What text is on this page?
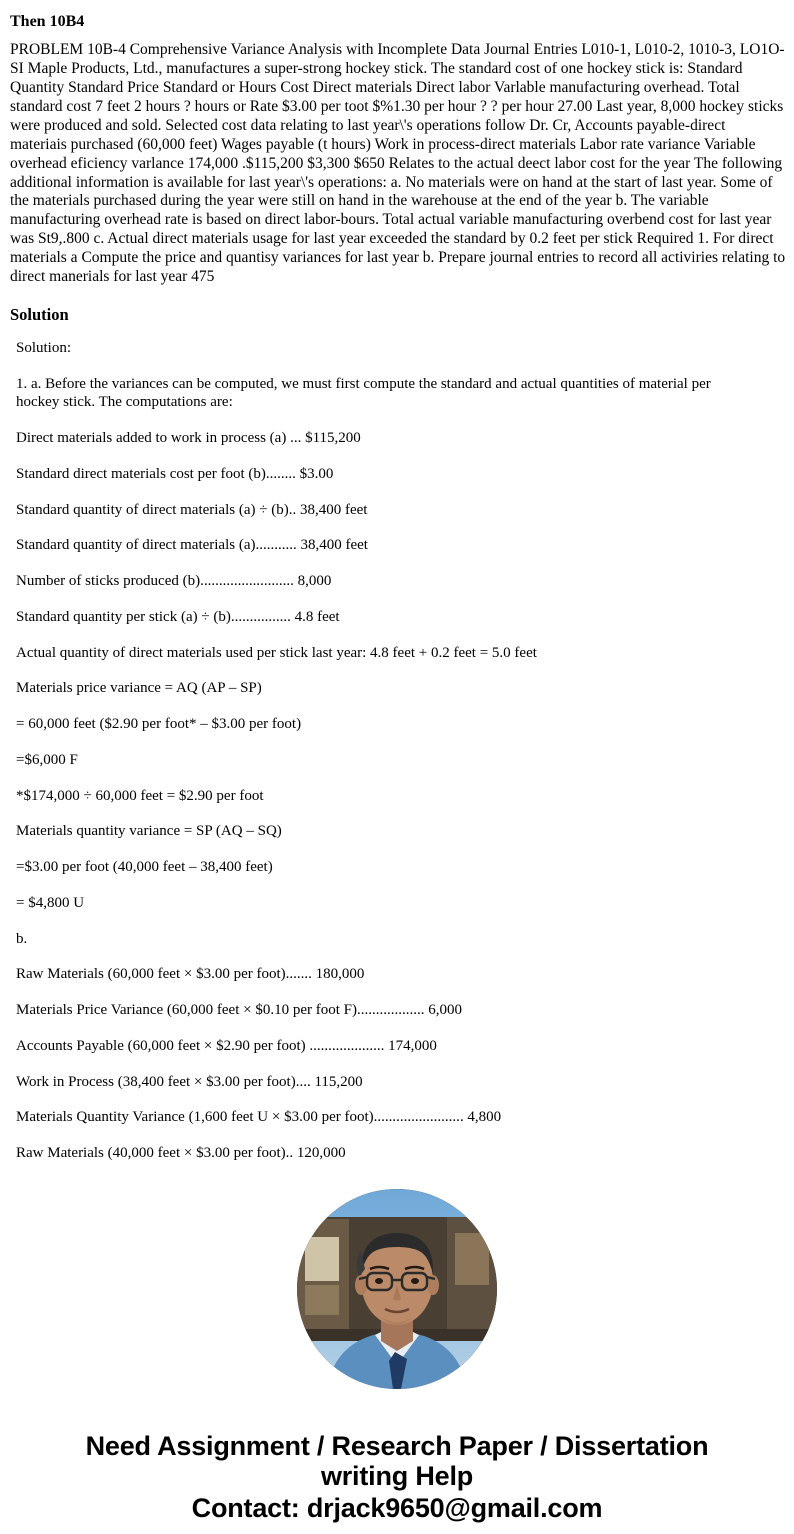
Then 10B4
PROBLEM 10B-4 Comprehensive Variance Analysis with Incomplete Data Journal Entries L010-1, L010-2, 1010-3, LO1O-SI Maple Products, Ltd., manufactures a super-strong hockey stick. The standard cost of one hockey stick is: Standard Quantity Standard Price Standard or Hours Cost Direct materials Direct labor Varlable manufacturing overhead. Total standard cost 7 feet 2 hours ? hours or Rate $3.00 per toot $%1.30 per hour ? ? per hour 27.00 Last year, 8,000 hockey sticks were produced and sold. Selected cost data relating to last year\'s operations follow Dr. Cr, Accounts payable-direct materiais purchased (60,000 feet) Wages payable (t hours) Work in process-direct materials Labor rate variance Variable overhead eficiency varlance 174,000 .$115,200 $3,300 $650 Relates to the actual deect labor cost for the year The following additional information is available for last year\'s operations: a. No materials were on hand at the start of last year. Some of the materials purchased during the year were still on hand in the warehouse at the end of the year b. The variable manufacturing overhead rate is based on direct labor-bours. Total actual variable manufacturing overbend cost for last year was St9,.800 c. Actual direct materials usage for last year exceeded the standard by 0.2 feet per stick Required 1. For direct materials a Compute the price and quantisy variances for last year b. Prepare journal entries to record all activiries relating to direct manerials for last year 475
Solution
Solution:
1. a. Before the variances can be computed, we must first compute the standard and actual quantities of material per hockey stick. The computations are:
Direct materials added to work in process (a) ... $115,200
Standard direct materials cost per foot (b)........ $3.00
Standard quantity of direct materials (a) ÷ (b).. 38,400 feet
Standard quantity of direct materials (a)........... 38,400 feet
Number of sticks produced (b)......................... 8,000
Standard quantity per stick (a) ÷ (b)................ 4.8 feet
Actual quantity of direct materials used per stick last year: 4.8 feet + 0.2 feet = 5.0 feet
Materials price variance = AQ (AP – SP)
= 60,000 feet ($2.90 per foot* – $3.00 per foot)
=$6,000 F
*$174,000 ÷ 60,000 feet = $2.90 per foot
Materials quantity variance = SP (AQ – SQ)
=$3.00 per foot (40,000 feet – 38,400 feet)
= $4,800 U
b.
Raw Materials (60,000 feet × $3.00 per foot)....... 180,000
Materials Price Variance (60,000 feet × $0.10 per foot F).................. 6,000
Accounts Payable (60,000 feet × $2.90 per foot) .................... 174,000
Work in Process (38,400 feet × $3.00 per foot).... 115,200
Materials Quantity Variance (1,600 feet U × $3.00 per foot)........................ 4,800
Raw Materials (40,000 feet × $3.00 per foot).. 120,000
Need Assignment / Research Paper / Dissertation
writing Help
Contact: drjack9650@gmail.com
